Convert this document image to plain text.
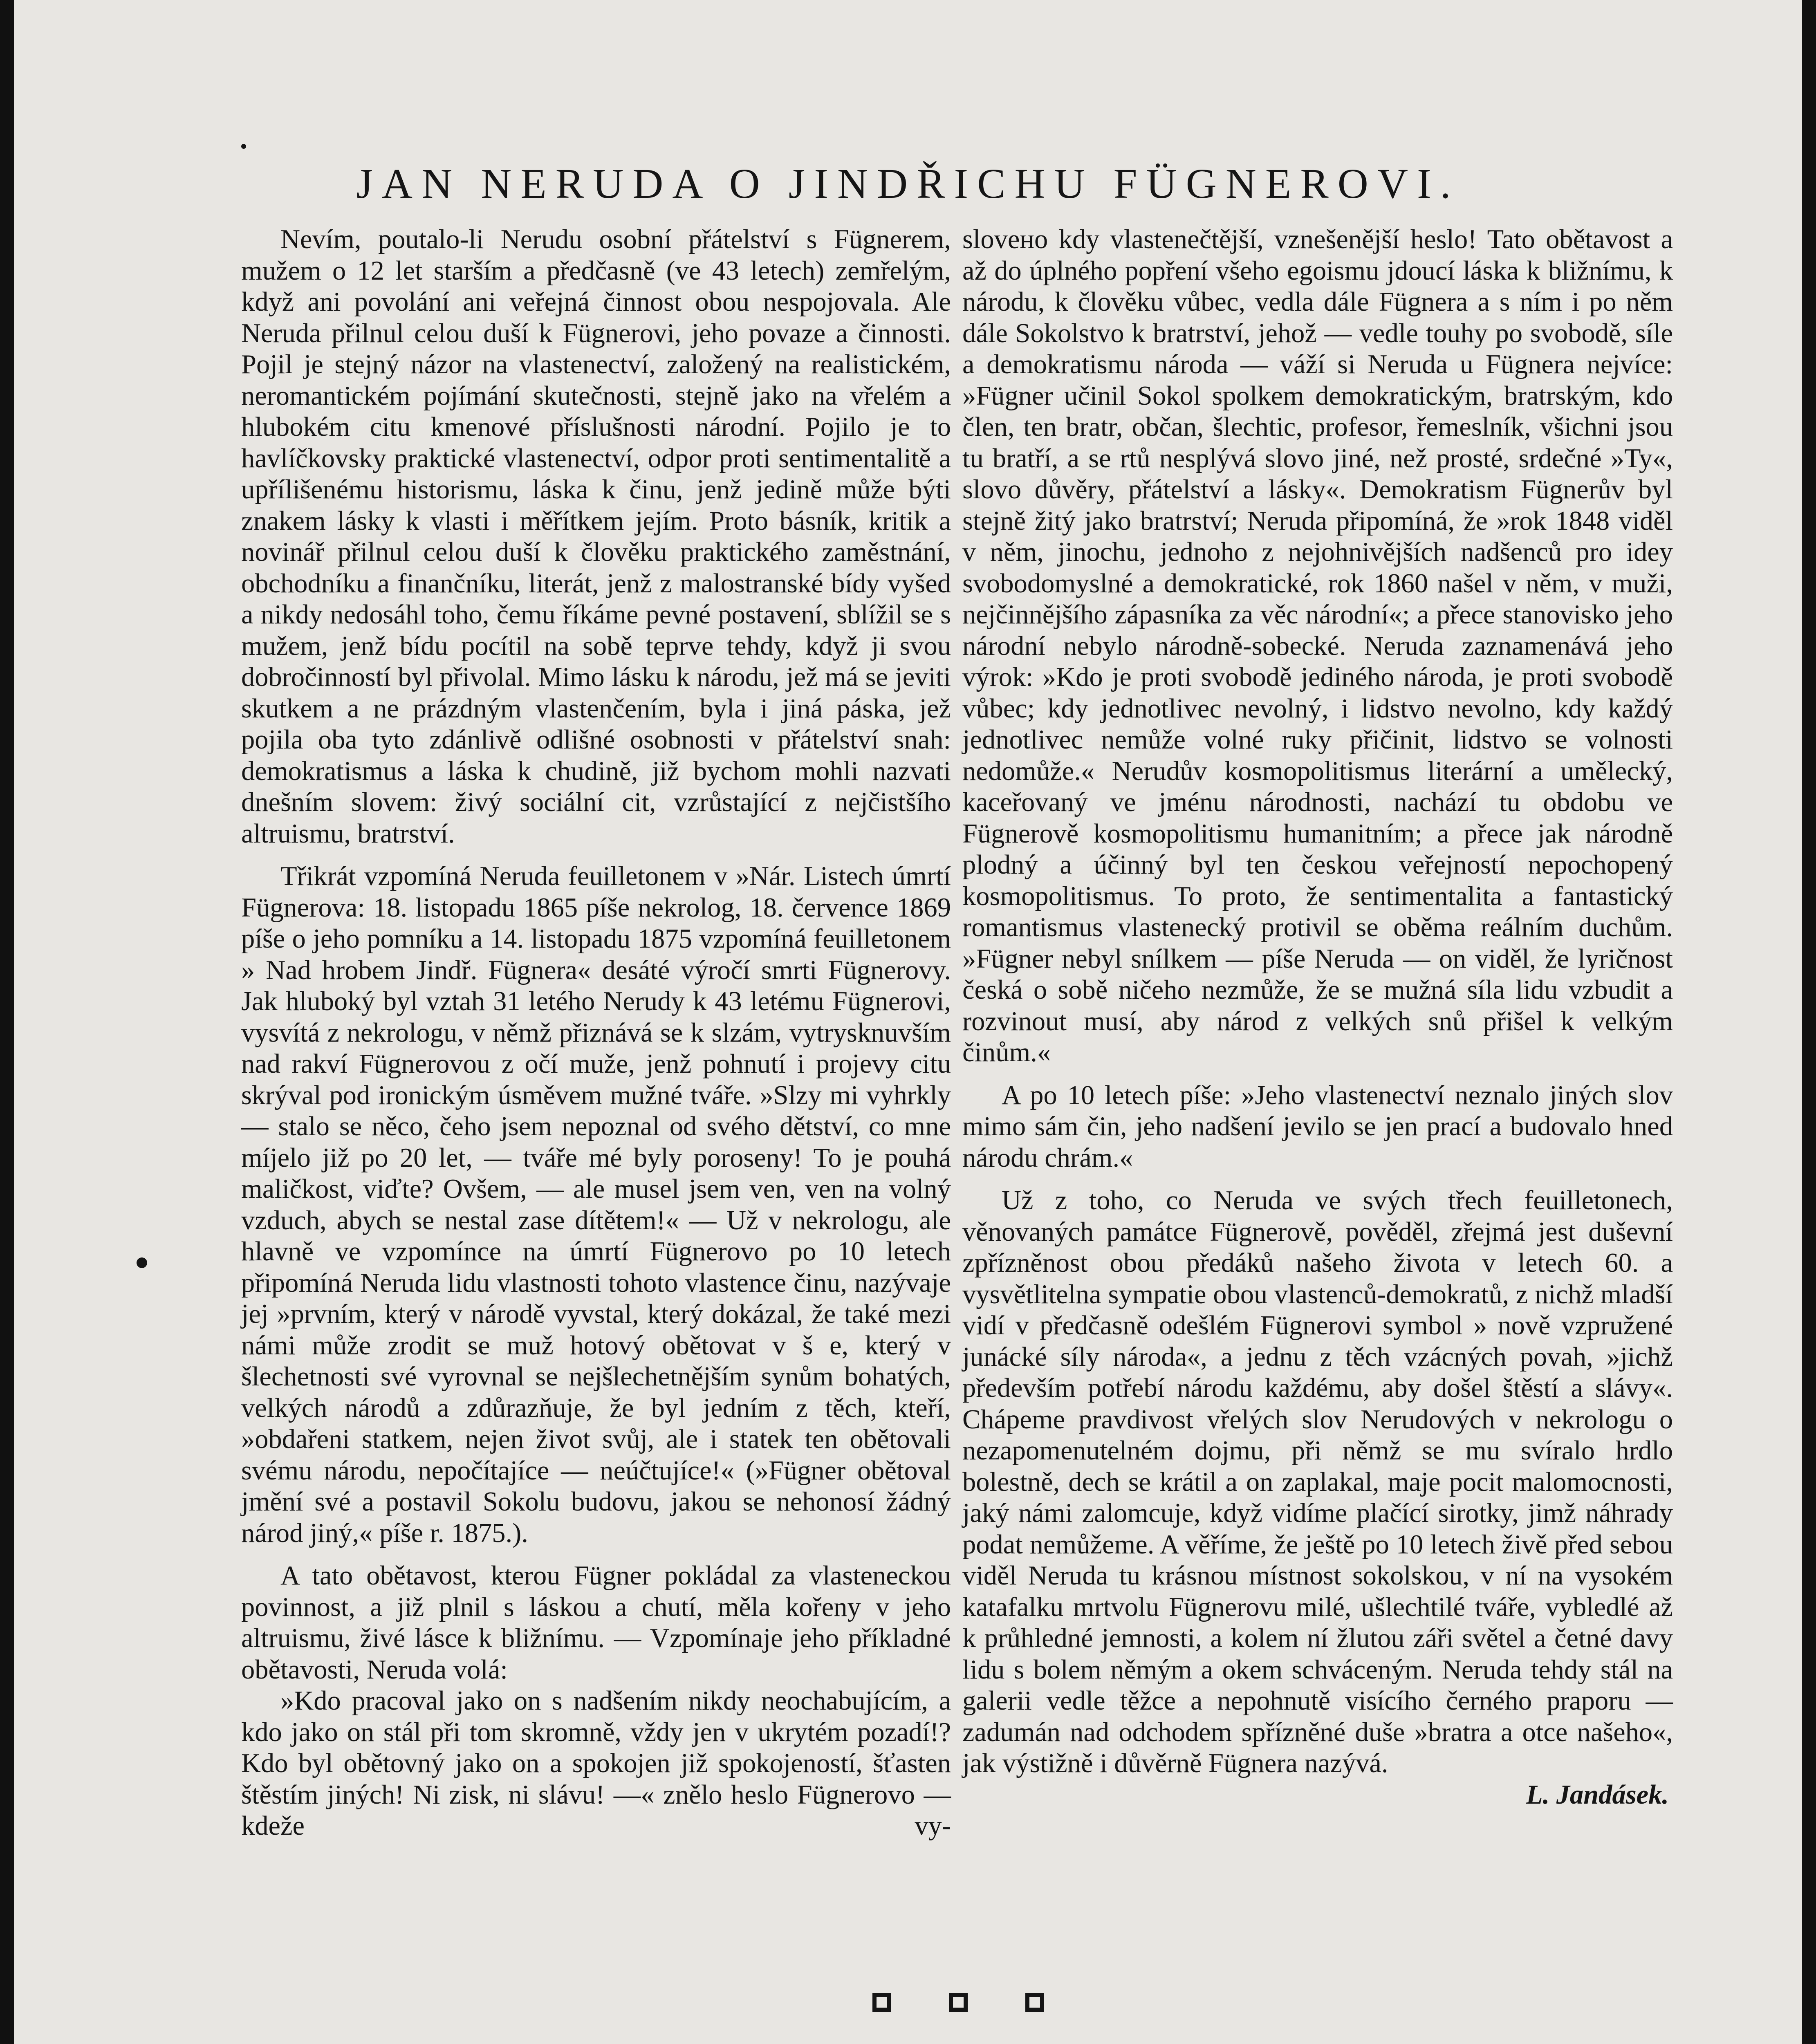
JAN NERUDA O JINDŘICHU FÜGNEROVI.

Nevím, poutalo-li Nerudu osobní přátelství s Fügnerem, mužem o 12 let starším a předčasně (ve 43 letech) zemřelým, když ani povolání ani veřejná činnost obou nespojovala. Ale Neruda přilnul celou duší k Fügnerovi, jeho povaze a činnosti. Pojil je stejný názor na vlastenectví, založený na realistickém, neromantickém pojímání skutečnosti, stejně jako na vřelém a hlubokém citu kmenové příslušnosti národní. Pojilo je to havlíčkovsky praktické vlastenectví, odpor proti sentimentalitě a upřílišenému historismu, láska k činu, jenž jedině může býti znakem lásky k vlasti i měřítkem jejím. Proto básník, kritik a novinář přilnul celou duší k člověku praktického zaměstnání, obchodníku a finančníku, literát, jenž z malostranské bídy vyšed a nikdy nedosáhl toho, čemu říkáme pevné postavení, sblížil se s mužem, jenž bídu pocítil na sobě teprve tehdy, když ji svou dobročinností byl přivolal. Mimo lásku k národu, jež má se jeviti skutkem a ne prázdným vlastenčením, byla i jiná páska, jež pojila oba tyto zdánlivě odlišné osobnosti v přátelství snah: demokratismus a láska k chudině, již bychom mohli nazvati dnešním slovem: živý sociální cit, vzrůstající z nejčistšího altruismu, bratrství.

Třikrát vzpomíná Neruda feuilletonem v »Nár. Listech úmrtí Fügnerova: 18. listopadu 1865 píše nekrolog, 18. července 1869 píše o jeho pomníku a 14. listopadu 1875 vzpomíná feuilletonem » Nad hrobem Jindř. Fügnera« desáté výročí smrti Fügnerovy. Jak hluboký byl vztah 31 letého Nerudy k 43 letému Fügnerovi, vysvítá z nekrologu, v němž přiznává se k slzám, vytrysknuvším nad rakví Fügnerovou z očí muže, jenž pohnutí i projevy citu skrýval pod ironickým úsměvem mužné tváře. »Slzy mi vyhrkly — stalo se něco, čeho jsem nepoznal od svého dětství, co mne míjelo již po 20 let, — tváře mé byly poroseny! To je pouhá maličkost, viďte? Ovšem, — ale musel jsem ven, ven na volný vzduch, abych se nestal zase dítětem!« — Už v nekrologu, ale hlavně ve vzpomínce na úmrtí Fügnerovo po 10 letech připomíná Neruda lidu vlastnosti tohoto vlastence činu, nazývaje jej »prvním, který v národě vyvstal, který dokázal, že také mezi námi může zrodit se muž hotový obětovat v š e, který v šlechetnosti své vyrovnal se nejšlechetnějším synům bohatých, velkých národů a zdůrazňuje, že byl jedním z těch, kteří, »obdařeni statkem, nejen život svůj, ale i statek ten obětovali svému národu, nepočítajíce — neúčtujíce!« (»Fügner obětoval jmění své a postavil Sokolu budovu, jakou se nehonosí žádný národ jiný,« píše r. 1875.).

A tato obětavost, kterou Fügner pokládal za vlasteneckou povinnost, a již plnil s láskou a chutí, měla kořeny v jeho altruismu, živé lásce k bližnímu. — Vzpomínaje jeho příkladné obětavosti, Neruda volá:

»Kdo pracoval jako on s nadšením nikdy neochabujícím, a kdo jako on stál při tom skromně, vždy jen v ukrytém pozadí!? Kdo byl obětovný jako on a spokojen již spokojeností, šťasten štěstím jiných! Ni zisk, ni slávu! —« znělo heslo Fügnerovo — kdeže vy-

slovено kdy vlastenečtější, vznešenější heslo! Tato obětavost a až do úplného popření všeho egoismu jdoucí láska k bližnímu, k národu, k člověku vůbec, vedla dále Fügnera a s ním i po něm dále Sokolstvo k bratrství, jehož — vedle touhy po svobodě, síle a demokratismu národa — váží si Neruda u Fügnera nejvíce: »Fügner učinil Sokol spolkem demokratickým, bratrským, kdo člen, ten bratr, občan, šlechtic, profesor, řemeslník, všichni jsou tu bratří, a se rtů nesplývá slovo jiné, než prosté, srdečné »Ty«, slovo důvěry, přátelství a lásky«. Demokratism Fügnerův byl stejně žitý jako bratrství; Neruda připomíná, že »rok 1848 viděl v něm, jinochu, jednoho z nejohnivějších nadšenců pro idey svobodomyslné a demokratické, rok 1860 našel v něm, v muži, nejčinnějšího zápasníka za věc národní«; a přece stanovisko jeho národní nebylo národně-sobecké. Neruda zaznamenává jeho výrok: »Kdo je proti svobodě jediného národa, je proti svobodě vůbec; kdy jednotlivec nevolný, i lidstvo nevolno, kdy každý jednotlivec nemůže volné ruky přičinit, lidstvo se volnosti nedomůže.« Nerudův kosmopolitismus literární a umělecký, kaceřovaný ve jménu národnosti, nachází tu obdobu ve Fügnerově kosmopolitismu humanitním; a přece jak národně plodný a účinný byl ten českou veřejností nepochopený kosmopolitismus. To proto, že sentimentalita a fantastický romantismus vlastenecký protivil se oběma reálním duchům. »Fügner nebyl snílkem — píše Neruda — on viděl, že lyričnost česká o sobě ničeho nezmůže, že se mužná síla lidu vzbudit a rozvinout musí, aby národ z velkých snů přišel k velkým činům.«

A po 10 letech píše: »Jeho vlastenectví neznalo jiných slov mimo sám čin, jeho nadšení jevilo se jen prací a budovalo hned národu chrám.«

Už z toho, co Neruda ve svých třech feuilletonech, věnovaných památce Fügnerově, pověděl, zřejmá jest duševní zpřízněnost obou předáků našeho života v letech 60. a vysvětlitelna sympatie obou vlastenců-demokratů, z nichž mladší vidí v předčasně odešlém Fügnerovi symbol » nově vzpružené junácké síly národa«, a jednu z těch vzácných povah, »jichž především potřebí národu každému, aby došel štěstí a slávy«. Chápeme pravdivost vřelých slov Nerudových v nekrologu o nezapomenutelném dojmu, při němž se mu svíralo hrdlo bolestně, dech se krátil a on zaplakal, maje pocit malomocnosti, jaký námi zalomcuje, když vidíme plačící sirotky, jimž náhrady podat nemůžeme. A věříme, že ještě po 10 letech živě před sebou viděl Neruda tu krásnou místnost sokolskou, v ní na vysokém katafalku mrtvolu Fügnerovu milé, ušlechtilé tváře, vybledlé až k průhledné jemnosti, a kolem ní žlutou záři světel a četné davy lidu s bolem němým a okem schváceným. Neruda tehdy stál na galerii vedle těžce a nepohnutě visícího černého praporu — zadumán nad odchodem spřízněné duše »bratra a otce našeho«, jak výstižně i důvěrně Fügnera nazývá.

L. Jandásek.
